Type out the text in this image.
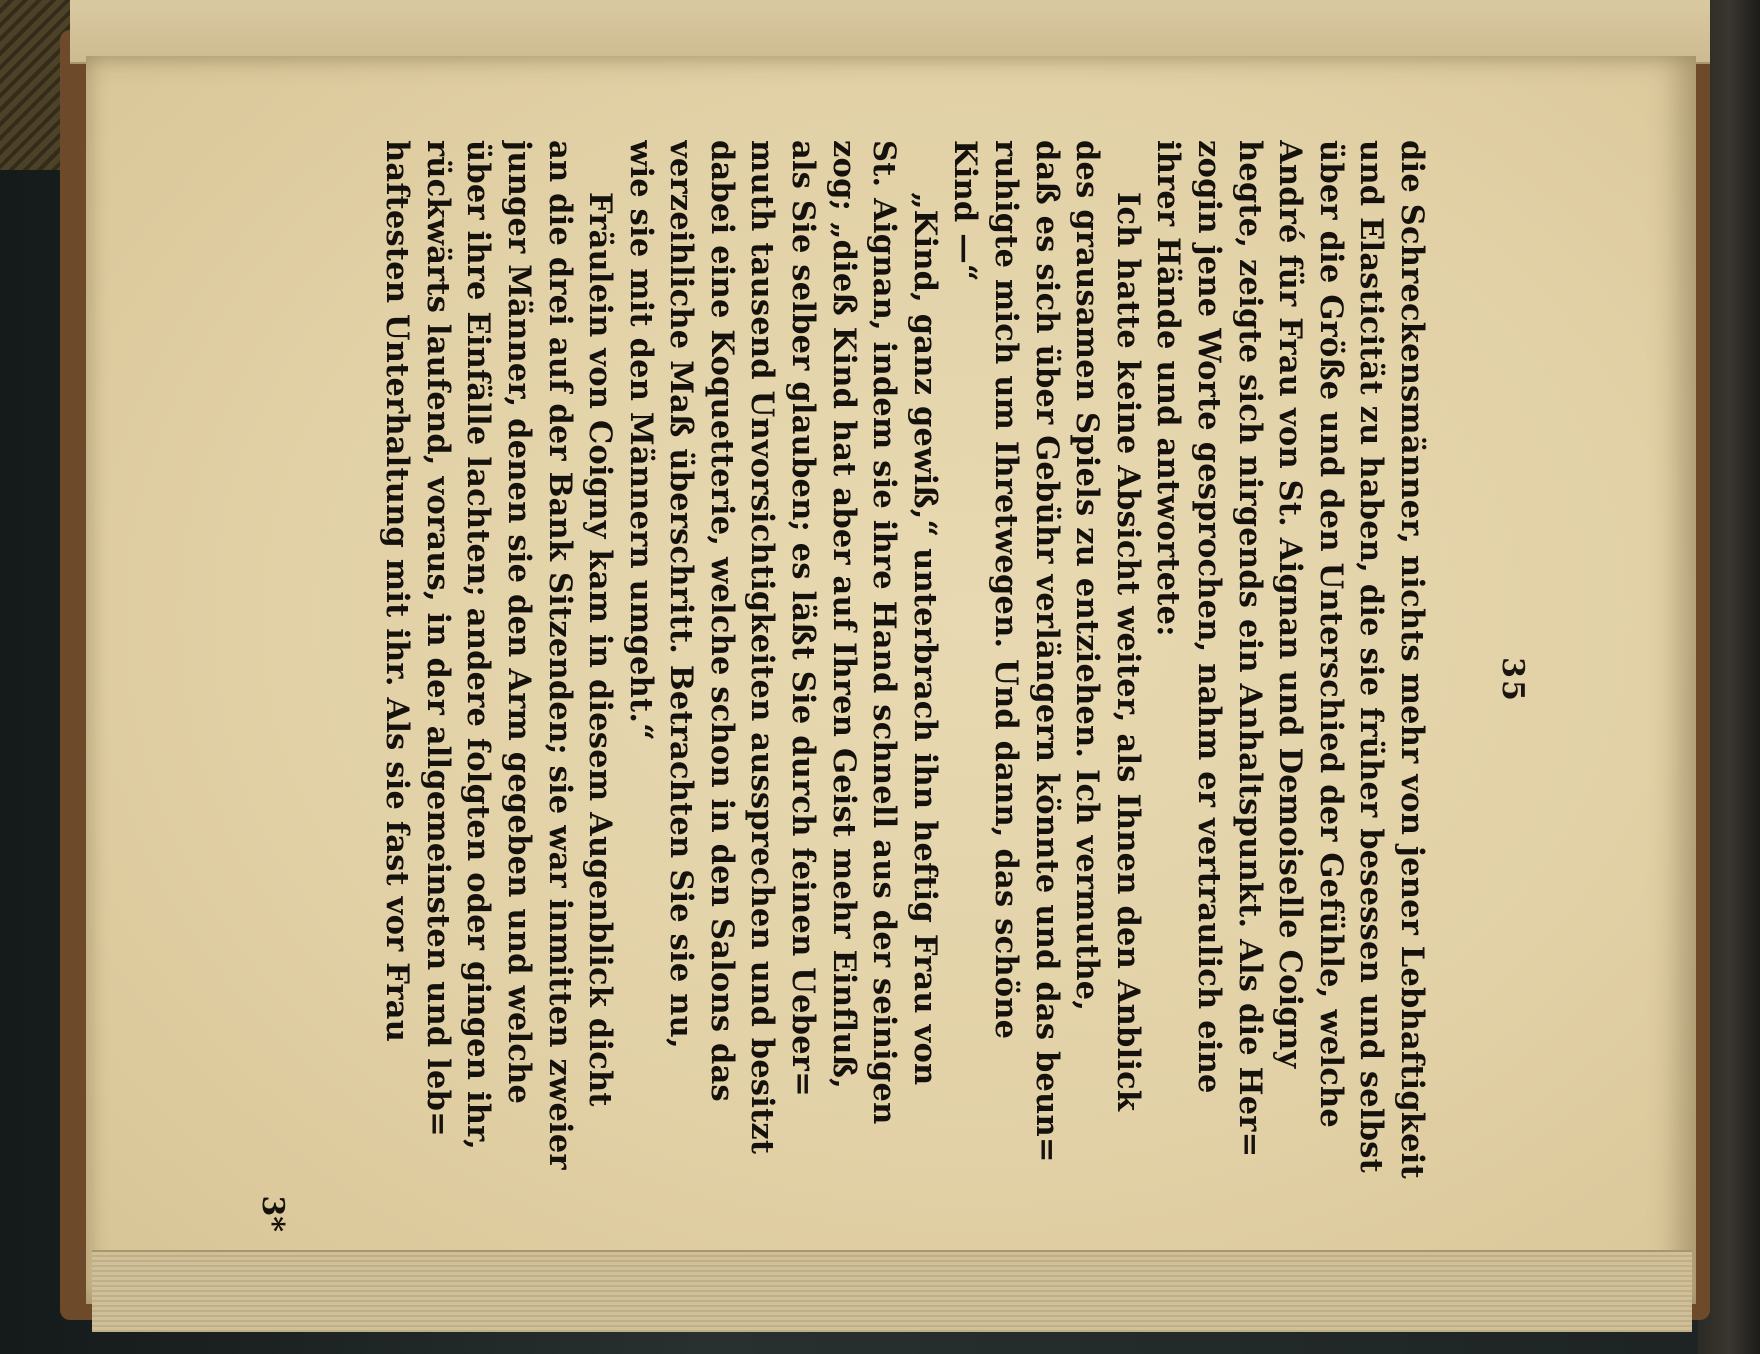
35
die Schreckensmänner, nichts mehr von jener Lebhaftigkeit
und Elasticität zu haben, die sie früher besessen und selbst
über die Größe und den Unterschied der Gefühle, welche
André für Frau von St. Aignan und Demoiselle Coigny
hegte, zeigte sich nirgends ein Anhaltspunkt. Als die Her=
zogin jene Worte gesprochen, nahm er vertraulich eine
ihrer Hände und antwortete:
Ich hatte keine Absicht weiter, als Ihnen den Anblick
des grausamen Spiels zu entziehen. Ich vermuthe,
daß es sich über Gebühr verlängern könnte und das beun=
ruhigte mich um Ihretwegen. Und dann, das schöne
Kind —“
„Kind, ganz gewiß,“ unterbrach ihn heftig Frau von
St. Aignan, indem sie ihre Hand schnell aus der seinigen
zog; „dieß Kind hat aber auf Ihren Geist mehr Einfluß,
als Sie selber glauben; es läßt Sie durch feinen Ueber=
muth tausend Unvorsichtigkeiten aussprechen und besitzt
dabei eine Koquetterie, welche schon in den Salons das
verzeihliche Maß überschritt. Betrachten Sie sie nu,
wie sie mit den Männern umgeht.“
Fräulein von Coigny kam in diesem Augenblick dicht
an die drei auf der Bank Sitzenden; sie war inmitten zweier
junger Männer, denen sie den Arm gegeben und welche
über ihre Einfälle lachten; andere folgten oder gingen ihr,
rückwärts laufend, voraus, in der allgemeinsten und leb=
haftesten Unterhaltung mit ihr. Als sie fast vor Frau
3*
